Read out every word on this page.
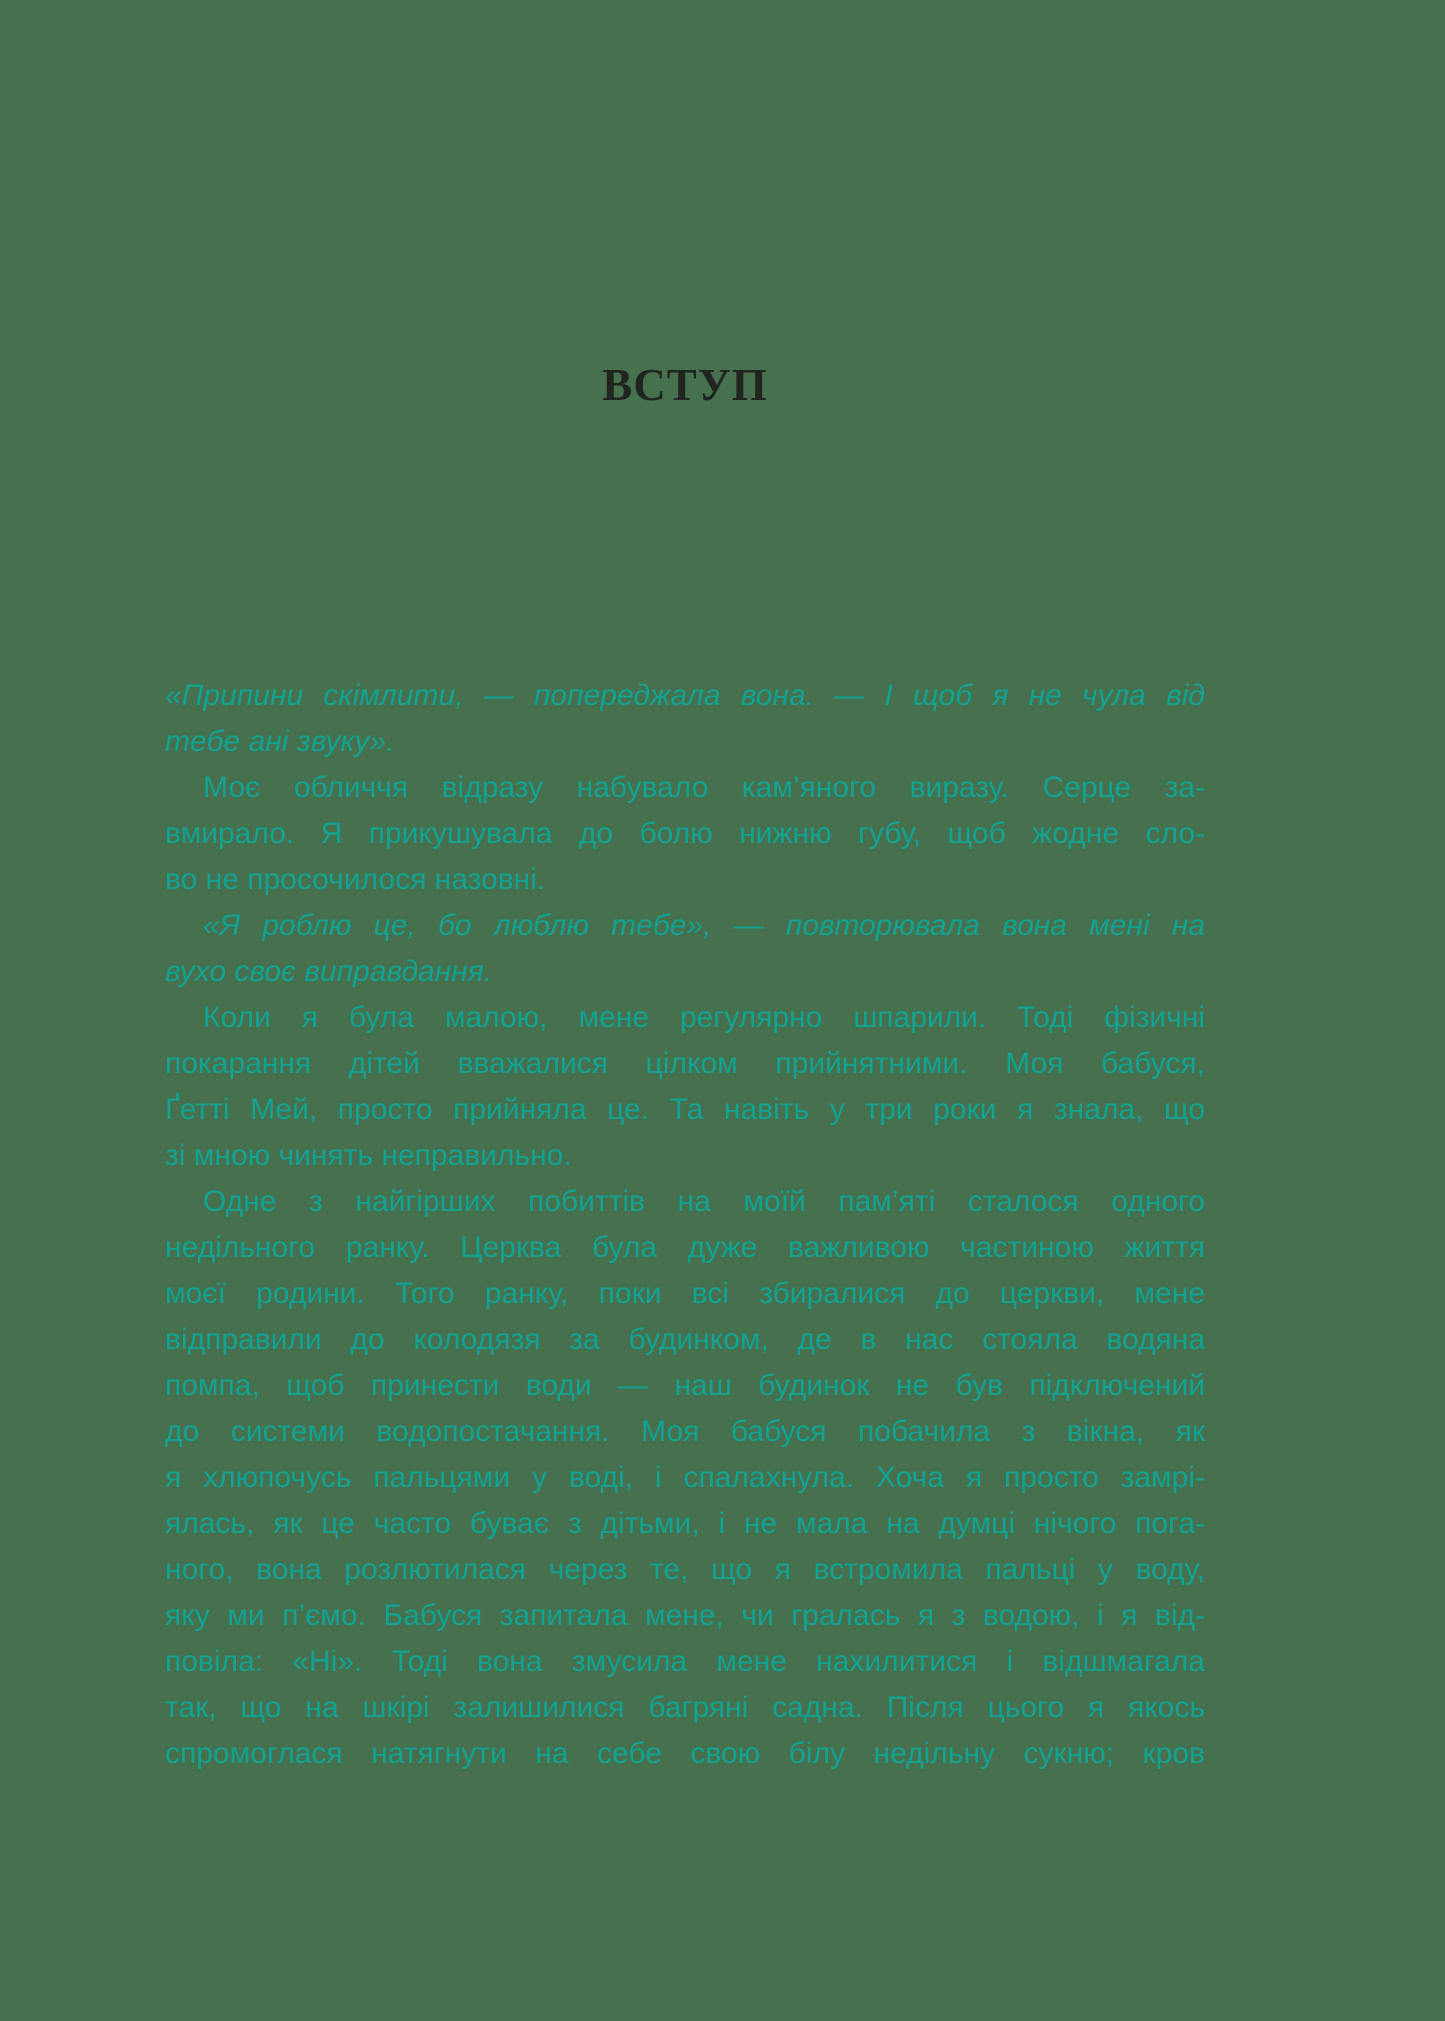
ВСТУП
«Припини скімлити, — попереджала вона. — І щоб я не чула від
тебе ані звуку».
Моє обличчя відразу набувало кам’яного виразу. Серце за-
вмирало. Я прикушувала до болю нижню губу, щоб жодне сло-
во не просочилося назовні.
«Я роблю це, бо люблю тебе», — повторювала вона мені на
вухо своє виправдання.
Коли я була малою, мене регулярно шпарили. Тоді фізичні
покарання дітей вважалися цілком прийнятними. Моя бабуся,
Ґетті Мей, просто прийняла це. Та навіть у три роки я знала, що
зі мною чинять неправильно.
Одне з найгірших побиттів на моїй пам’яті сталося одного
недільного ранку. Церква була дуже важливою частиною життя
моєї родини. Того ранку, поки всі збиралися до церкви, мене
відправили до колодязя за будинком, де в нас стояла водяна
помпа, щоб принести води — наш будинок не був підключений
до системи водопостачання. Моя бабуся побачила з вікна, як
я хлюпочусь пальцями у воді, і спалахнула. Хоча я просто замрі-
ялась, як це часто буває з дітьми, і не мала на думці нічого пога-
ного, вона розлютилася через те, що я встромила пальці у воду,
яку ми п’ємо. Бабуся запитала мене, чи гралась я з водою, і я від-
повіла: «Ні». Тоді вона змусила мене нахилитися і відшмагала
так, що на шкірі залишилися багряні садна. Після цього я якось
спромоглася натягнути на себе свою білу недільну сукню; кров
